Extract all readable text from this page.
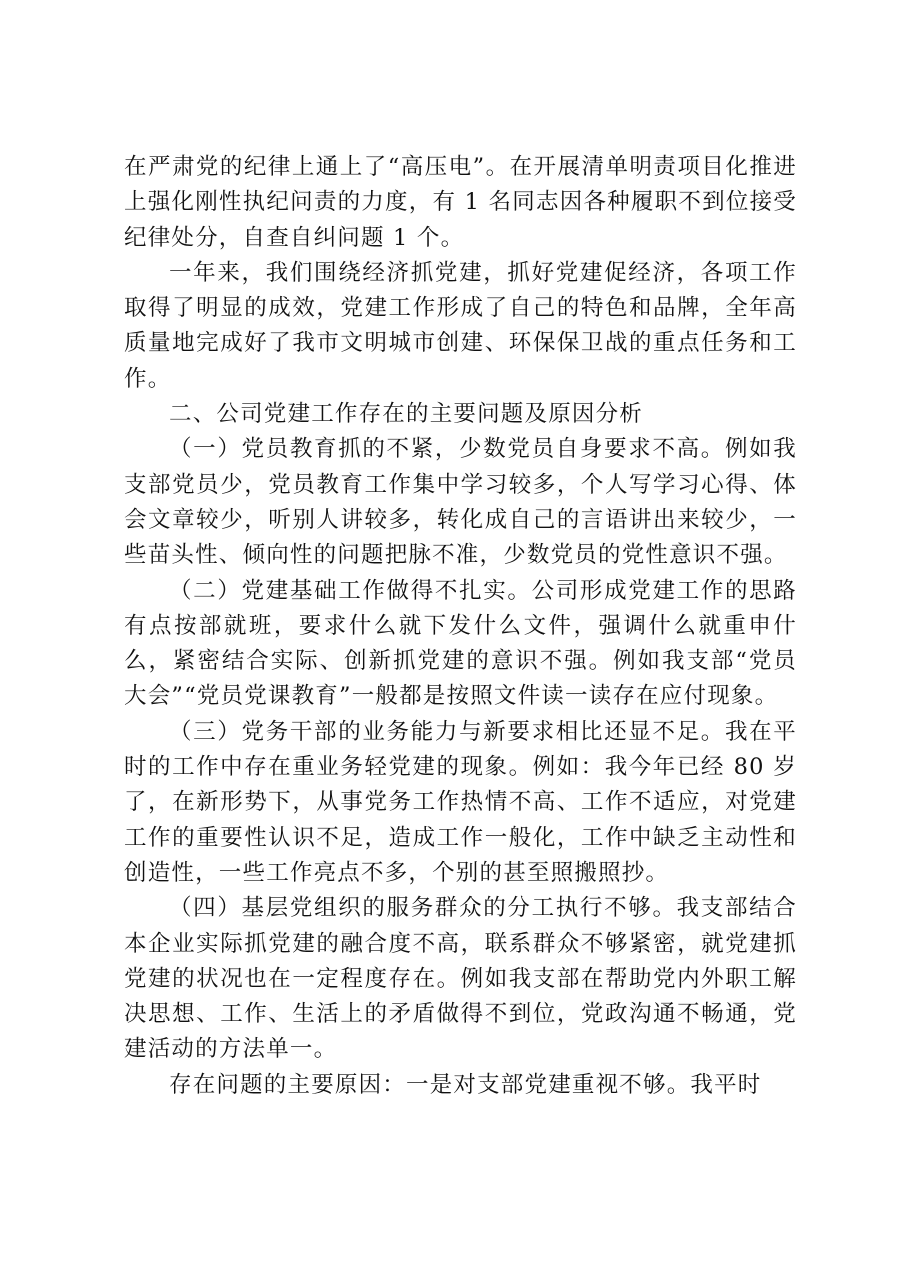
在严肃党的纪律上通上了“高压电”。在开展清单明责项目化推进上强化刚性执纪问责的力度，有 1 名同志因各种履职不到位接受纪律处分，自查自纠问题 1 个。

一年来，我们围绕经济抓党建，抓好党建促经济，各项工作取得了明显的成效，党建工作形成了自己的特色和品牌，全年高质量地完成好了我市文明城市创建、环保保卫战的重点任务和工作。

二、公司党建工作存在的主要问题及原因分析

（一）党员教育抓的不紧，少数党员自身要求不高。例如我支部党员少，党员教育工作集中学习较多，个人写学习心得、体会文章较少，听别人讲较多，转化成自己的言语讲出来较少，一些苗头性、倾向性的问题把脉不准，少数党员的党性意识不强。

（二）党建基础工作做得不扎实。公司形成党建工作的思路有点按部就班，要求什么就下发什么文件，强调什么就重申什么，紧密结合实际、创新抓党建的意识不强。例如我支部“党员大会”“党员党课教育”一般都是按照文件读一读存在应付现象。

（三）党务干部的业务能力与新要求相比还显不足。我在平时的工作中存在重业务轻党建的现象。例如：我今年已经 80 岁了，在新形势下，从事党务工作热情不高、工作不适应，对党建工作的重要性认识不足，造成工作一般化，工作中缺乏主动性和创造性，一些工作亮点不多，个别的甚至照搬照抄。

（四）基层党组织的服务群众的分工执行不够。我支部结合本企业实际抓党建的融合度不高，联系群众不够紧密，就党建抓党建的状况也在一定程度存在。例如我支部在帮助党内外职工解决思想、工作、生活上的矛盾做得不到位，党政沟通不畅通，党建活动的方法单一。

存在问题的主要原因：一是对支部党建重视不够。我平时
